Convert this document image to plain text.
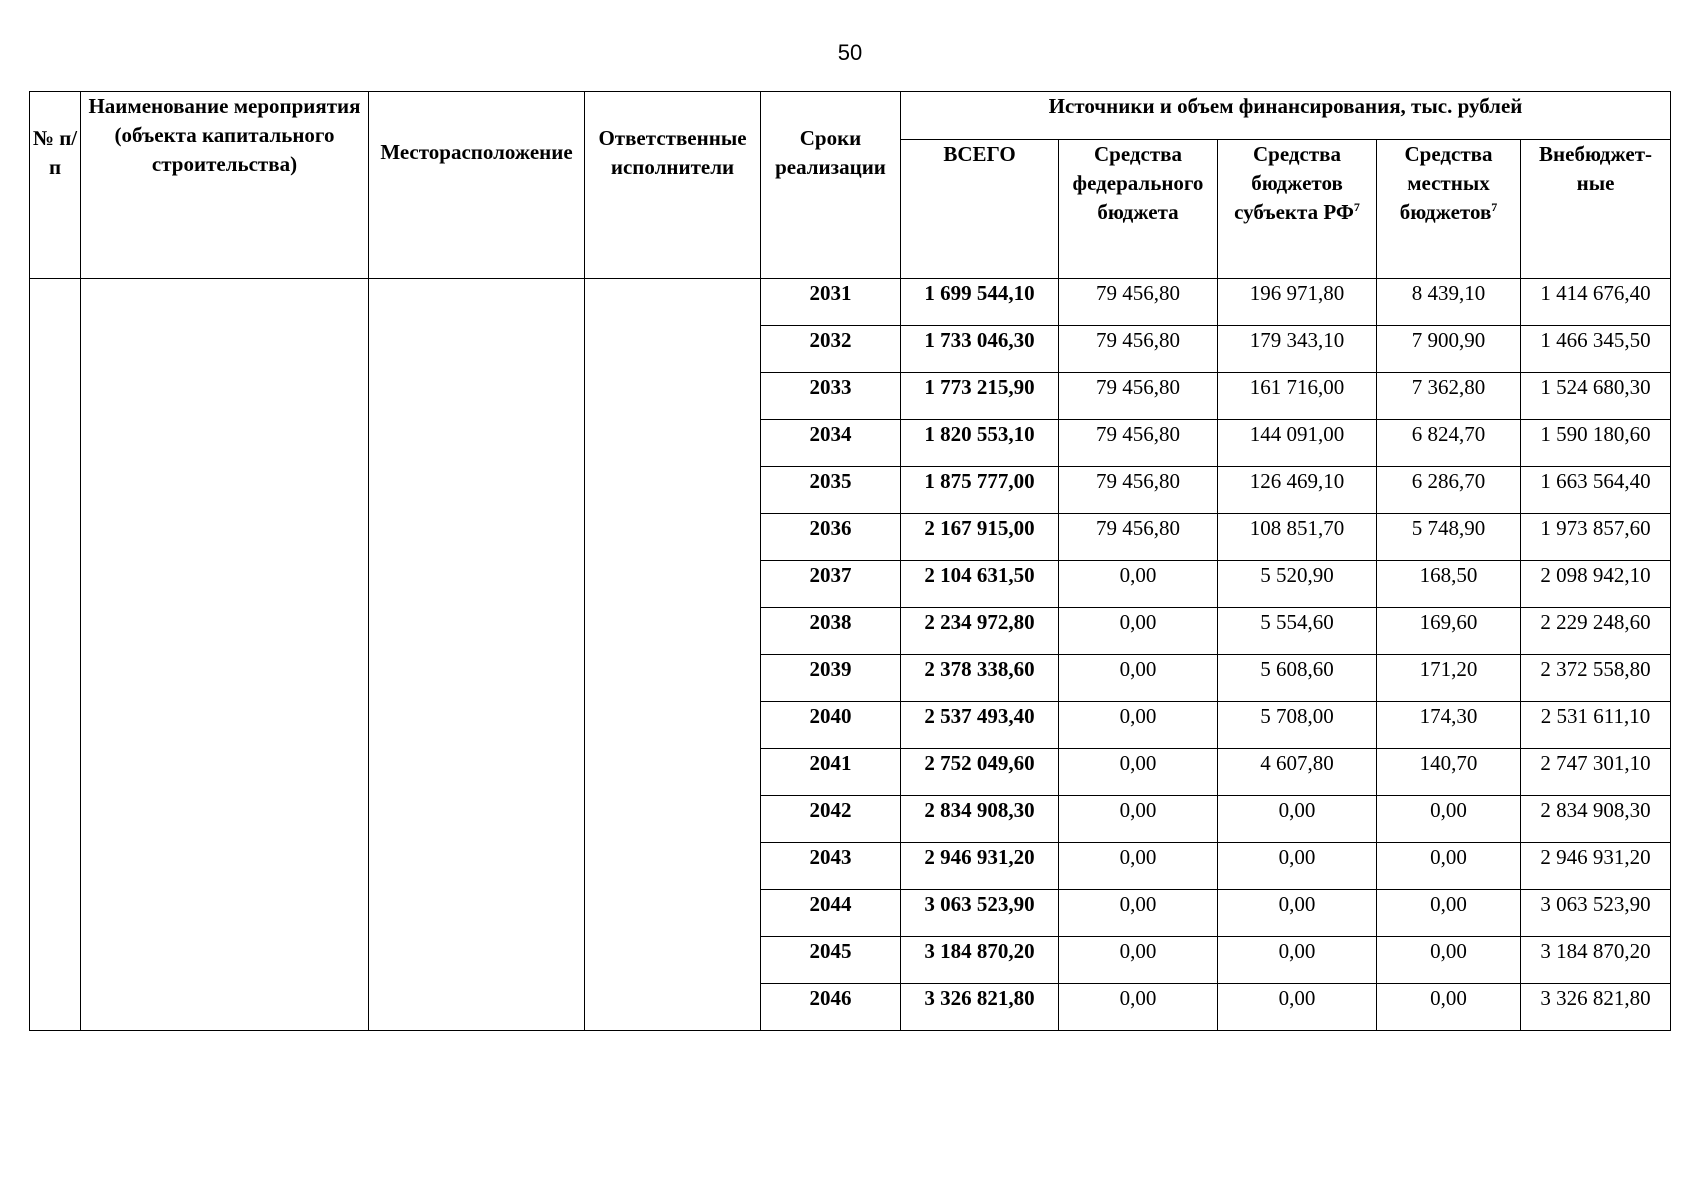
50
№ п/п	Наименование мероприятия (объекта капитального строительства)	Месторасположение	Ответственные исполнители	Сроки реализации	Источники и объем финансирования, тыс. рублей				
					ВСЕГО	Средства федерального бюджета	Средства бюджетов субъекта $РФ^7$	Средства местных бюджетов$^7$	Внебюджет-ные
				2031	1 699 544,10	79 456,80	196 971,80	8 439,10	1 414 676,40
				2032	1 733 046,30	79 456,80	179 343,10	7 900,90	1 466 345,50
				2033	1 773 215,90	79 456,80	161 716,00	7 362,80	1 524 680,30
				2034	1 820 553,10	79 456,80	144 091,00	6 824,70	1 590 180,60
				2035	1 875 777,00	79 456,80	126 469,10	6 286,70	1 663 564,40
				2036	2 167 915,00	79 456,80	108 851,70	5 748,90	1 973 857,60
				2037	2 104 631,50	0,00	5 520,90	168,50	2 098 942,10
				2038	2 234 972,80	0,00	5 554,60	169,60	2 229 248,60
				2039	2 378 338,60	0,00	5 608,60	171,20	2 372 558,80
				2040	2 537 493,40	0,00	5 708,00	174,30	2 531 611,10
				2041	2 752 049,60	0,00	4 607,80	140,70	2 747 301,10
				2042	2 834 908,30	0,00	0,00	0,00	2 834 908,30
				2043	2 946 931,20	0,00	0,00	0,00	2 946 931,20
				2044	3 063 523,90	0,00	0,00	0,00	3 063 523,90
				2045	3 184 870,20	0,00	0,00	0,00	3 184 870,20
				2046	3 326 821,80	0,00	0,00	0,00	3 326 821,80
